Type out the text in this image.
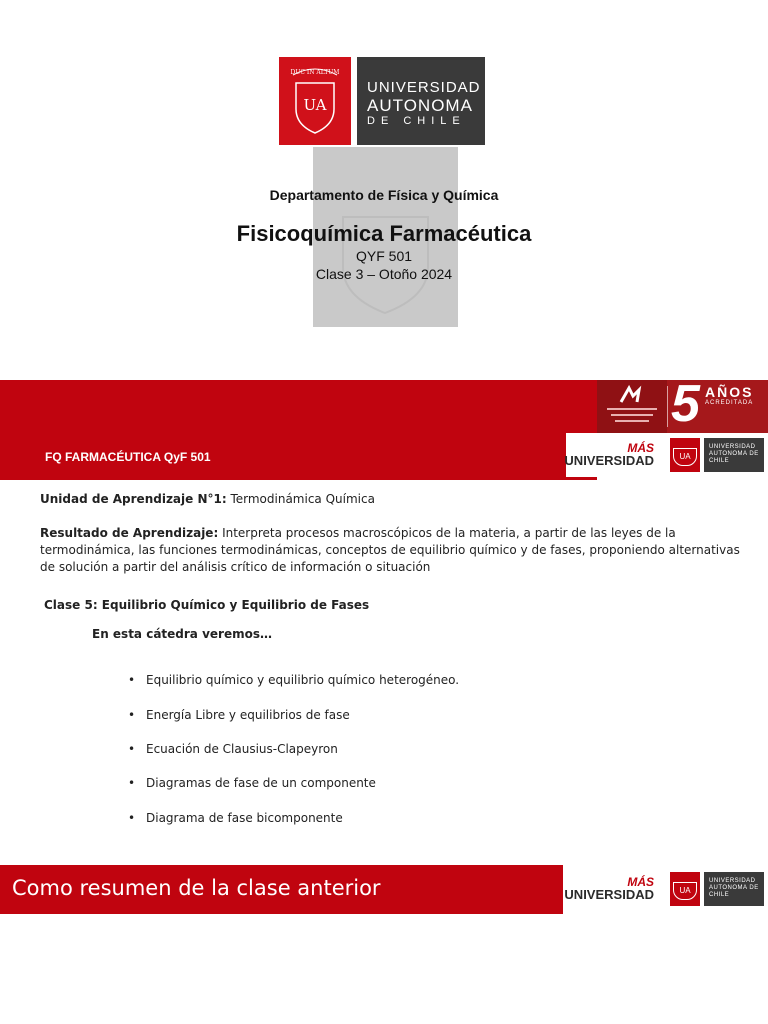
DUC IN ALTUM
UA
UNIVERSIDAD
AUTONOMA
DE CHILE
Departamento de Física y Química
Fisicoquímica Farmacéutica
QYF 501
Clase 3 – Otoño 2024
FQ FARMACÉUTICA QyF 501
5 AÑOS
ACREDITADA
MÁS
UNIVERSIDAD	UA
UNIVERSIDAD AUTONOMA DE CHILE
Unidad de Aprendizaje N°1: Termodinámica Química
Resultado de Aprendizaje: Interpreta procesos macroscópicos de la materia, a partir de las leyes de la termodinámica, las funciones termodinámicas, conceptos de equilibrio químico y de fases, proponiendo alternativas de solución a partir del análisis crítico de información o situación
Clase 5: Equilibrio Químico y Equilibrio de Fases
En esta cátedra veremos…
• Equilibrio químico y equilibrio químico heterogéneo.
• Energía Libre y equilibrios de fase
• Ecuación de Clausius-Clapeyron
• Diagramas de fase de un componente
• Diagrama de fase bicomponente
Como resumen de la clase anterior	MÁS
UNIVERSIDAD	UA
UNIVERSIDAD AUTONOMA DE CHILE
